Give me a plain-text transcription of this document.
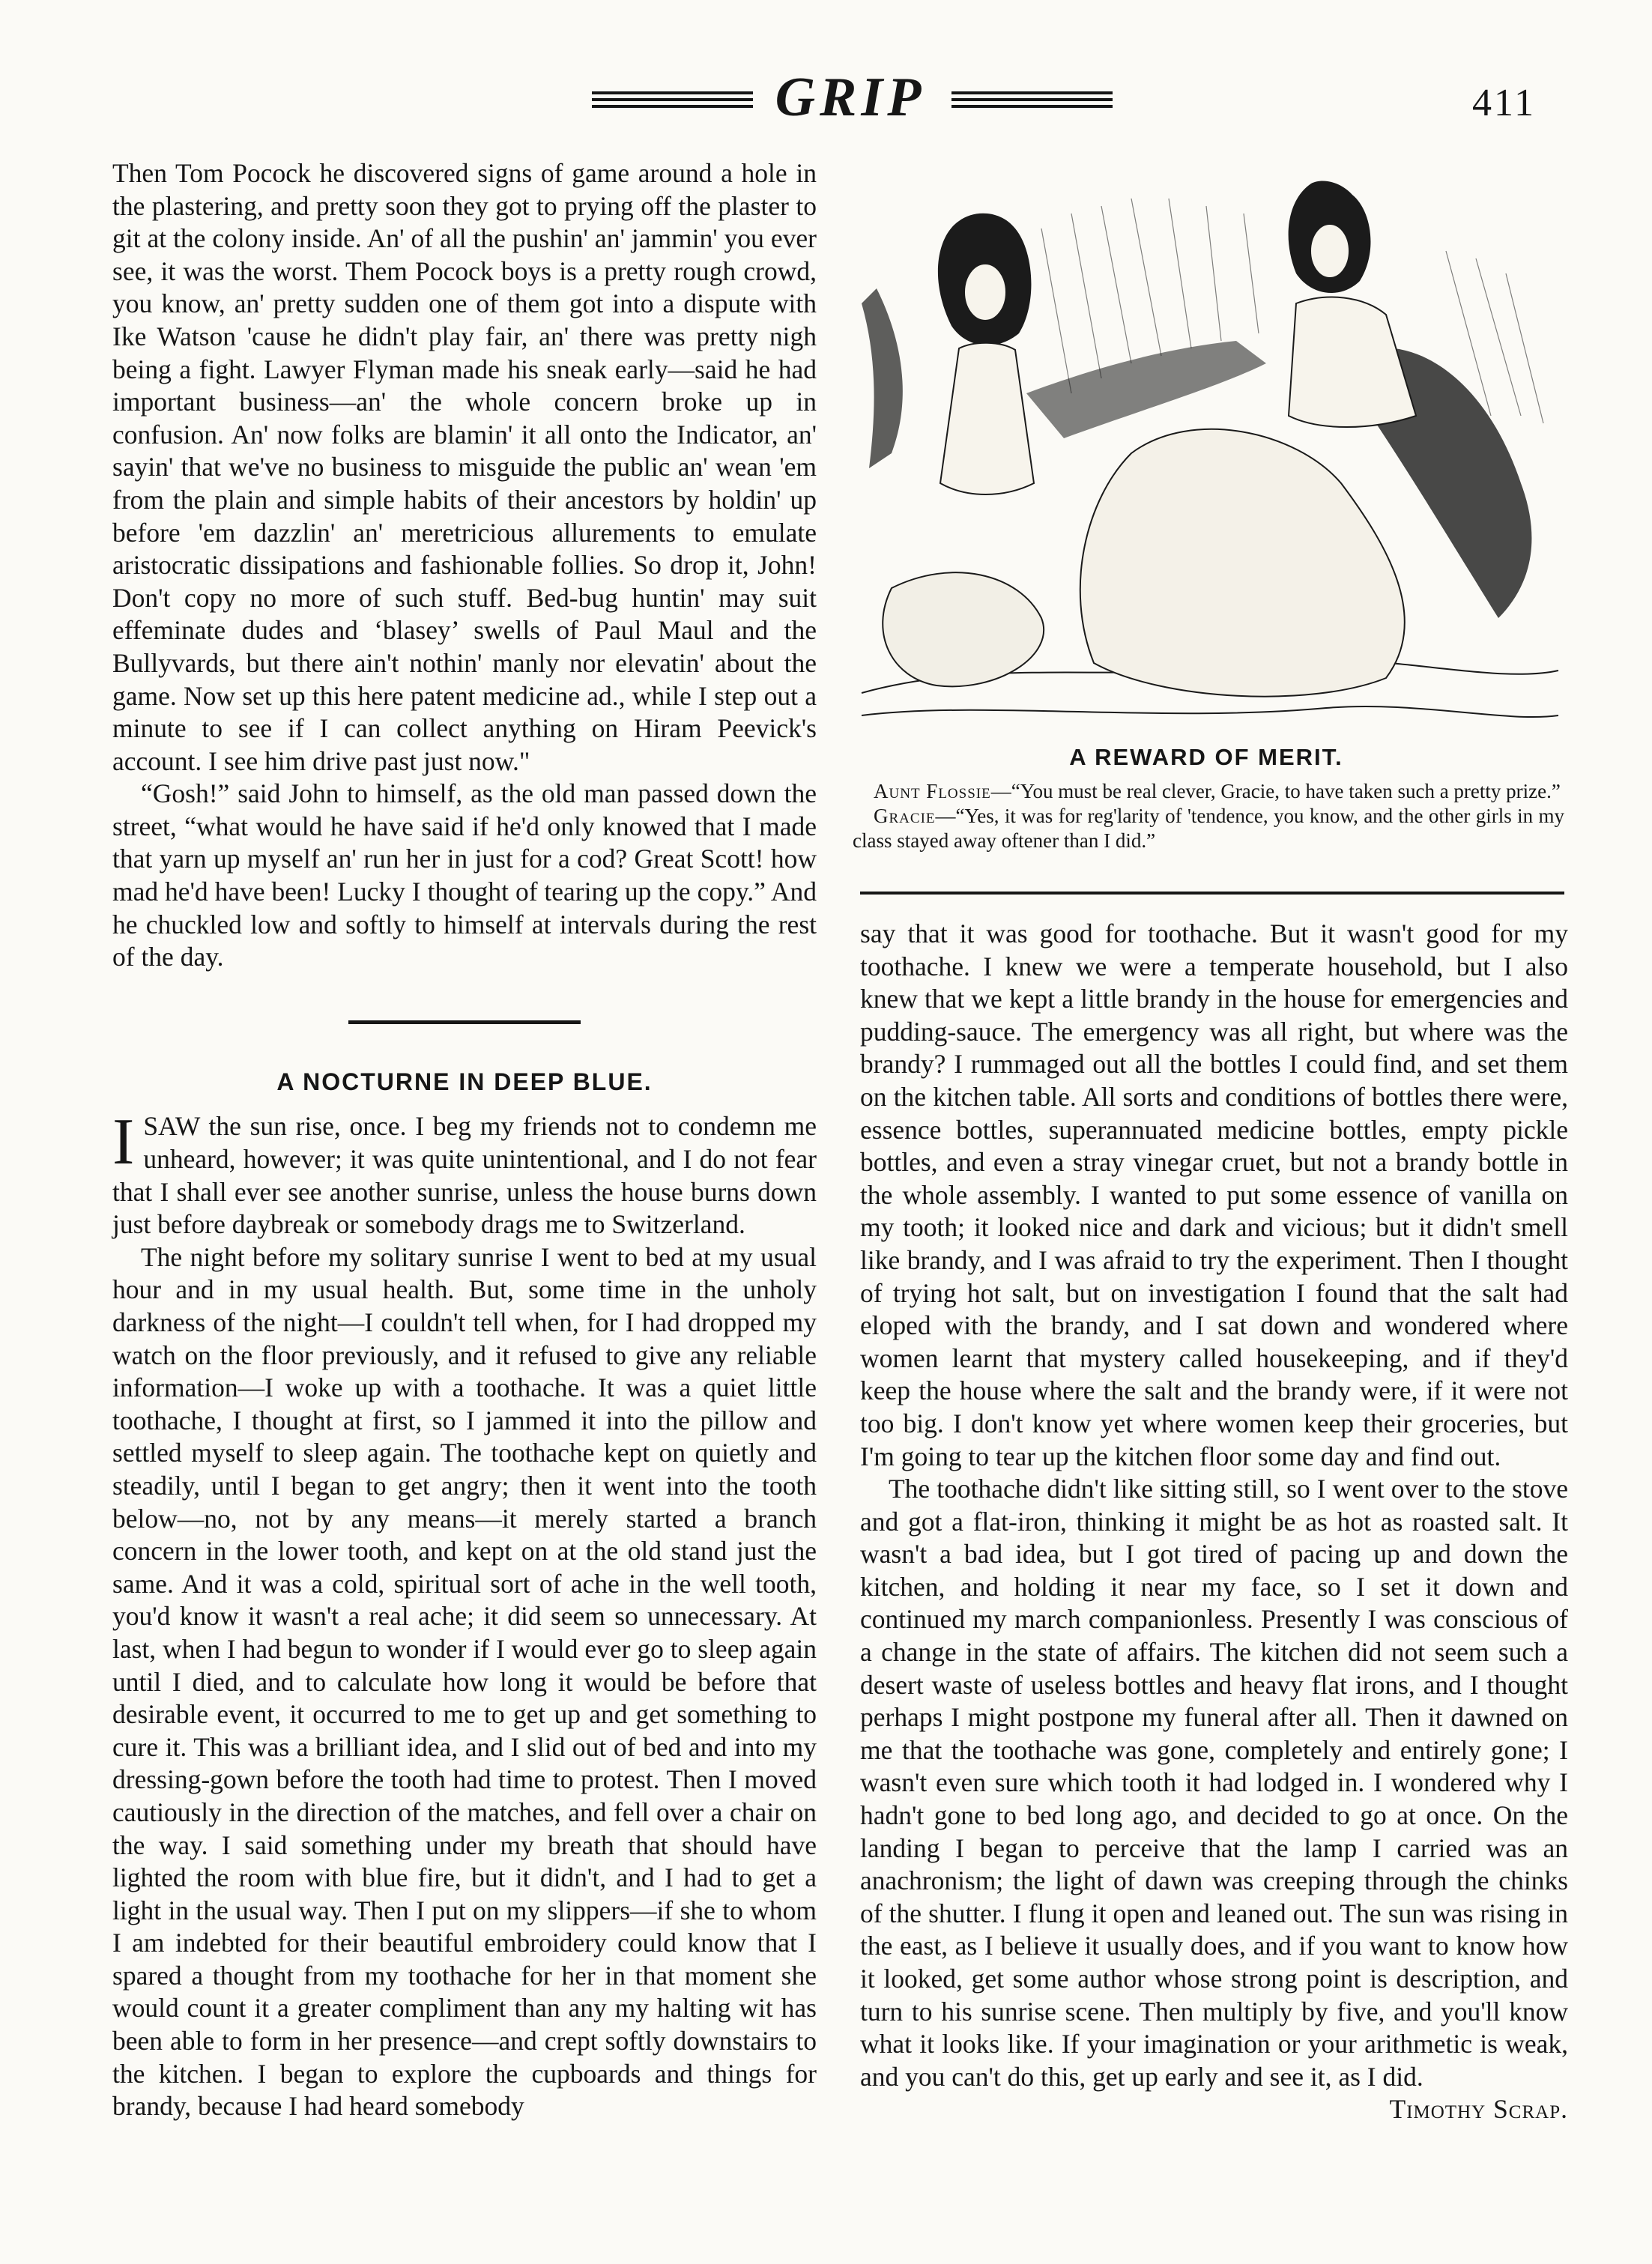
GRIP	411

Then Tom Pocock he discovered signs of game around a hole in the plastering, and pretty soon they got to prying off the plaster to git at the colony inside. An' of all the pushin' an' jammin' you ever see, it was the worst. Them Pocock boys is a pretty rough crowd, you know, an' pretty sudden one of them got into a dispute with Ike Watson 'cause he didn't play fair, an' there was pretty nigh being a fight. Lawyer Flyman made his sneak early—said he had important business—an' the whole concern broke up in confusion. An' now folks are blamin' it all onto the Indicator, an' sayin' that we've no business to misguide the public an' wean 'em from the plain and simple habits of their ancestors by holdin' up before 'em dazzlin' an' meretricious allurements to emulate aristocratic dissipations and fashionable follies. So drop it, John! Don't copy no more of such stuff. Bed-bug huntin' may suit effeminate dudes and ‘blasey’ swells of Paul Maul and the Bullyvards, but there ain't nothin' manly nor elevatin' about the game. Now set up this here patent medicine ad., while I step out a minute to see if I can collect anything on Hiram Peevick's account. I see him drive past just now."

“Gosh!” said John to himself, as the old man passed down the street, “what would he have said if he'd only knowed that I made that yarn up myself an' run her in just for a cod? Great Scott! how mad he'd have been! Lucky I thought of tearing up the copy.” And he chuckled low and softly to himself at intervals during the rest of the day.

A NOCTURNE IN DEEP BLUE.

I SAW the sun rise, once. I beg my friends not to condemn me unheard, however; it was quite unintentional, and I do not fear that I shall ever see another sunrise, unless the house burns down just before daybreak or somebody drags me to Switzerland.

The night before my solitary sunrise I went to bed at my usual hour and in my usual health. But, some time in the unholy darkness of the night—I couldn't tell when, for I had dropped my watch on the floor previously, and it refused to give any reliable information—I woke up with a toothache. It was a quiet little toothache, I thought at first, so I jammed it into the pillow and settled myself to sleep again. The toothache kept on quietly and steadily, until I began to get angry; then it went into the tooth below—no, not by any means—it merely started a branch concern in the lower tooth, and kept on at the old stand just the same. And it was a cold, spiritual sort of ache in the well tooth, you'd know it wasn't a real ache; it did seem so unnecessary. At last, when I had begun to wonder if I would ever go to sleep again until I died, and to calculate how long it would be before that desirable event, it occurred to me to get up and get something to cure it. This was a brilliant idea, and I slid out of bed and into my dressing-gown before the tooth had time to protest. Then I moved cautiously in the direction of the matches, and fell over a chair on the way. I said something under my breath that should have lighted the room with blue fire, but it didn't, and I had to get a light in the usual way. Then I put on my slippers—if she to whom I am indebted for their beautiful embroidery could know that I spared a thought from my toothache for her in that moment she would count it a greater compliment than any my halting wit has been able to form in her presence—and crept softly downstairs to the kitchen. I began to explore the cupboards and things for brandy, because I had heard somebody

A REWARD OF MERIT.

Aunt Flossie—“You must be real clever, Gracie, to have taken such a pretty prize.”

Gracie—“Yes, it was for reg'larity of 'tendence, you know, and the other girls in my class stayed away oftener than I did.”

say that it was good for toothache. But it wasn't good for my toothache. I knew we were a temperate household, but I also knew that we kept a little brandy in the house for emergencies and pudding-sauce. The emergency was all right, but where was the brandy? I rummaged out all the bottles I could find, and set them on the kitchen table. All sorts and conditions of bottles there were, essence bottles, superannuated medicine bottles, empty pickle bottles, and even a stray vinegar cruet, but not a brandy bottle in the whole assembly. I wanted to put some essence of vanilla on my tooth; it looked nice and dark and vicious; but it didn't smell like brandy, and I was afraid to try the experiment. Then I thought of trying hot salt, but on investigation I found that the salt had eloped with the brandy, and I sat down and wondered where women learnt that mystery called housekeeping, and if they'd keep the house where the salt and the brandy were, if it were not too big. I don't know yet where women keep their groceries, but I'm going to tear up the kitchen floor some day and find out.

The toothache didn't like sitting still, so I went over to the stove and got a flat-iron, thinking it might be as hot as roasted salt. It wasn't a bad idea, but I got tired of pacing up and down the kitchen, and holding it near my face, so I set it down and continued my march companionless. Presently I was conscious of a change in the state of affairs. The kitchen did not seem such a desert waste of useless bottles and heavy flat irons, and I thought perhaps I might postpone my funeral after all. Then it dawned on me that the toothache was gone, completely and entirely gone; I wasn't even sure which tooth it had lodged in. I wondered why I hadn't gone to bed long ago, and decided to go at once. On the landing I began to perceive that the lamp I carried was an anachronism; the light of dawn was creeping through the chinks of the shutter. I flung it open and leaned out. The sun was rising in the east, as I believe it usually does, and if you want to know how it looked, get some author whose strong point is description, and turn to his sunrise scene. Then multiply by five, and you'll know what it looks like. If your imagination or your arithmetic is weak, and you can't do this, get up early and see it, as I did.
Timothy Scrap.
